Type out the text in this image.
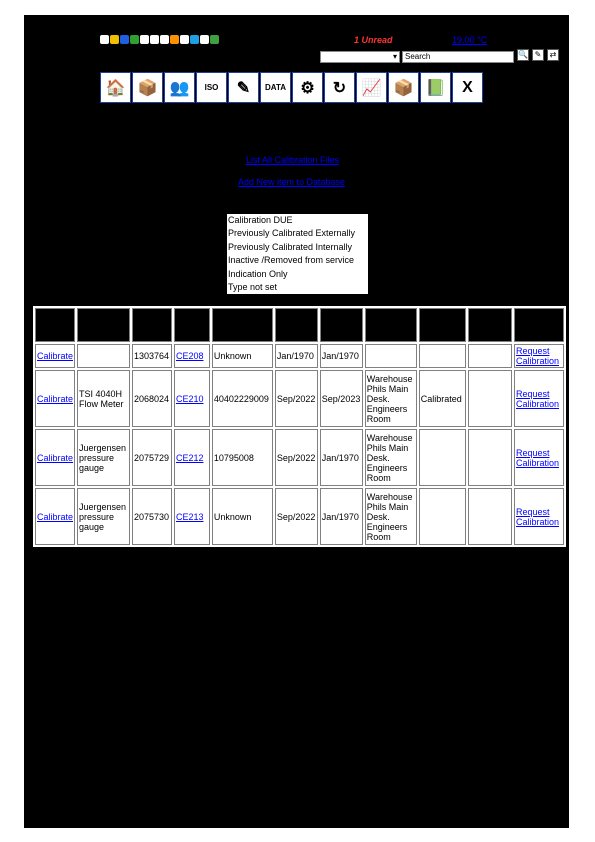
1 Unread	19.00 °C
▾
Search	🔍 ✎	⇄
🏠 📦 👥	ISO	✎	DATA ⚙	↻ 📈 📦 📗	X
List All Calibration Files
Add New item to Database
Calibration DUE
Previously Calibrated Externally
Previously Calibrated Internally
Inactive /Removed from service
Indication Only
Type not set

Calibrate		1303764	CE208	Unknown	Jan/1970	Jan/1970				Request Calibration
Calibrate	TSI 4040H Flow Meter	2068024	CE210	40402229009	Sep/2022	Sep/2023	Warehouse Phils Main Desk. Engineers Room	Calibrated		Request Calibration
Calibrate	Juergensen pressure gauge	2075729	CE212	10795008	Sep/2022	Jan/1970	Warehouse Phils Main Desk. Engineers Room			Request Calibration
Calibrate	Juergensen pressure gauge	2075730	CE213	Unknown	Sep/2022	Jan/1970	Warehouse Phils Main Desk. Engineers Room			Request Calibration
